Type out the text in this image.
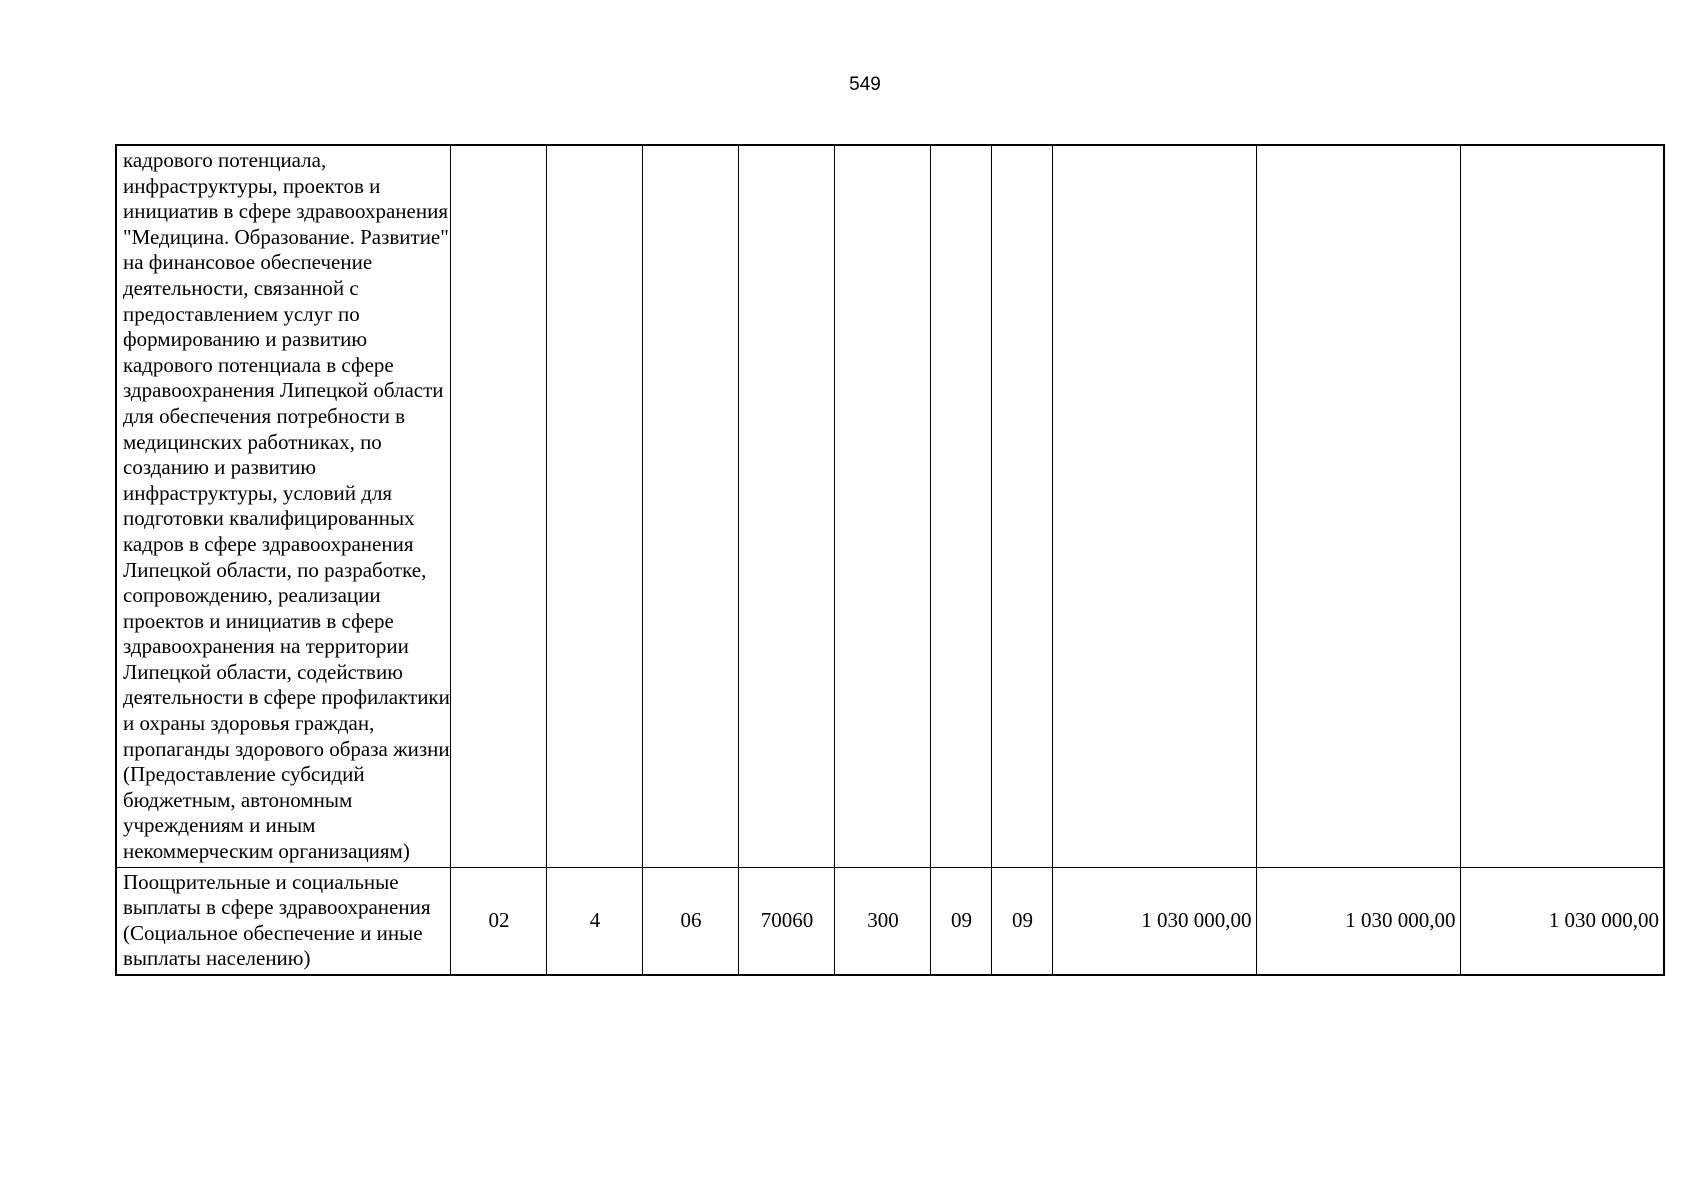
549
кадрового потенциала, инфраструктуры, проектов и инициатив в сфере здравоохранения "Медицина. Образование. Развитие" на финансовое обеспечение деятельности, связанной с предоставлением услуг по формированию и развитию кадрового потенциала в сфере здравоохранения Липецкой области для обеспечения потребности в медицинских работниках, по созданию и развитию инфраструктуры, условий для подготовки квалифицированных кадров в сфере здравоохранения Липецкой области, по разработке, сопровождению, реализации проектов и инициатив в сфере здравоохранения на территории Липецкой области, содействию деятельности в сфере профилактики и охраны здоровья граждан, пропаганды здорового образа жизни (Предоставление субсидий бюджетным, автономным учреждениям и иным некоммерческим организациям)										

Поощрительные и социальные выплаты в сфере здравоохранения (Социальное обеспечение и иные выплаты населению)	02	4	06	70060	300	09	09	1 030 000,00	1 030 000,00	1 030 000,00
